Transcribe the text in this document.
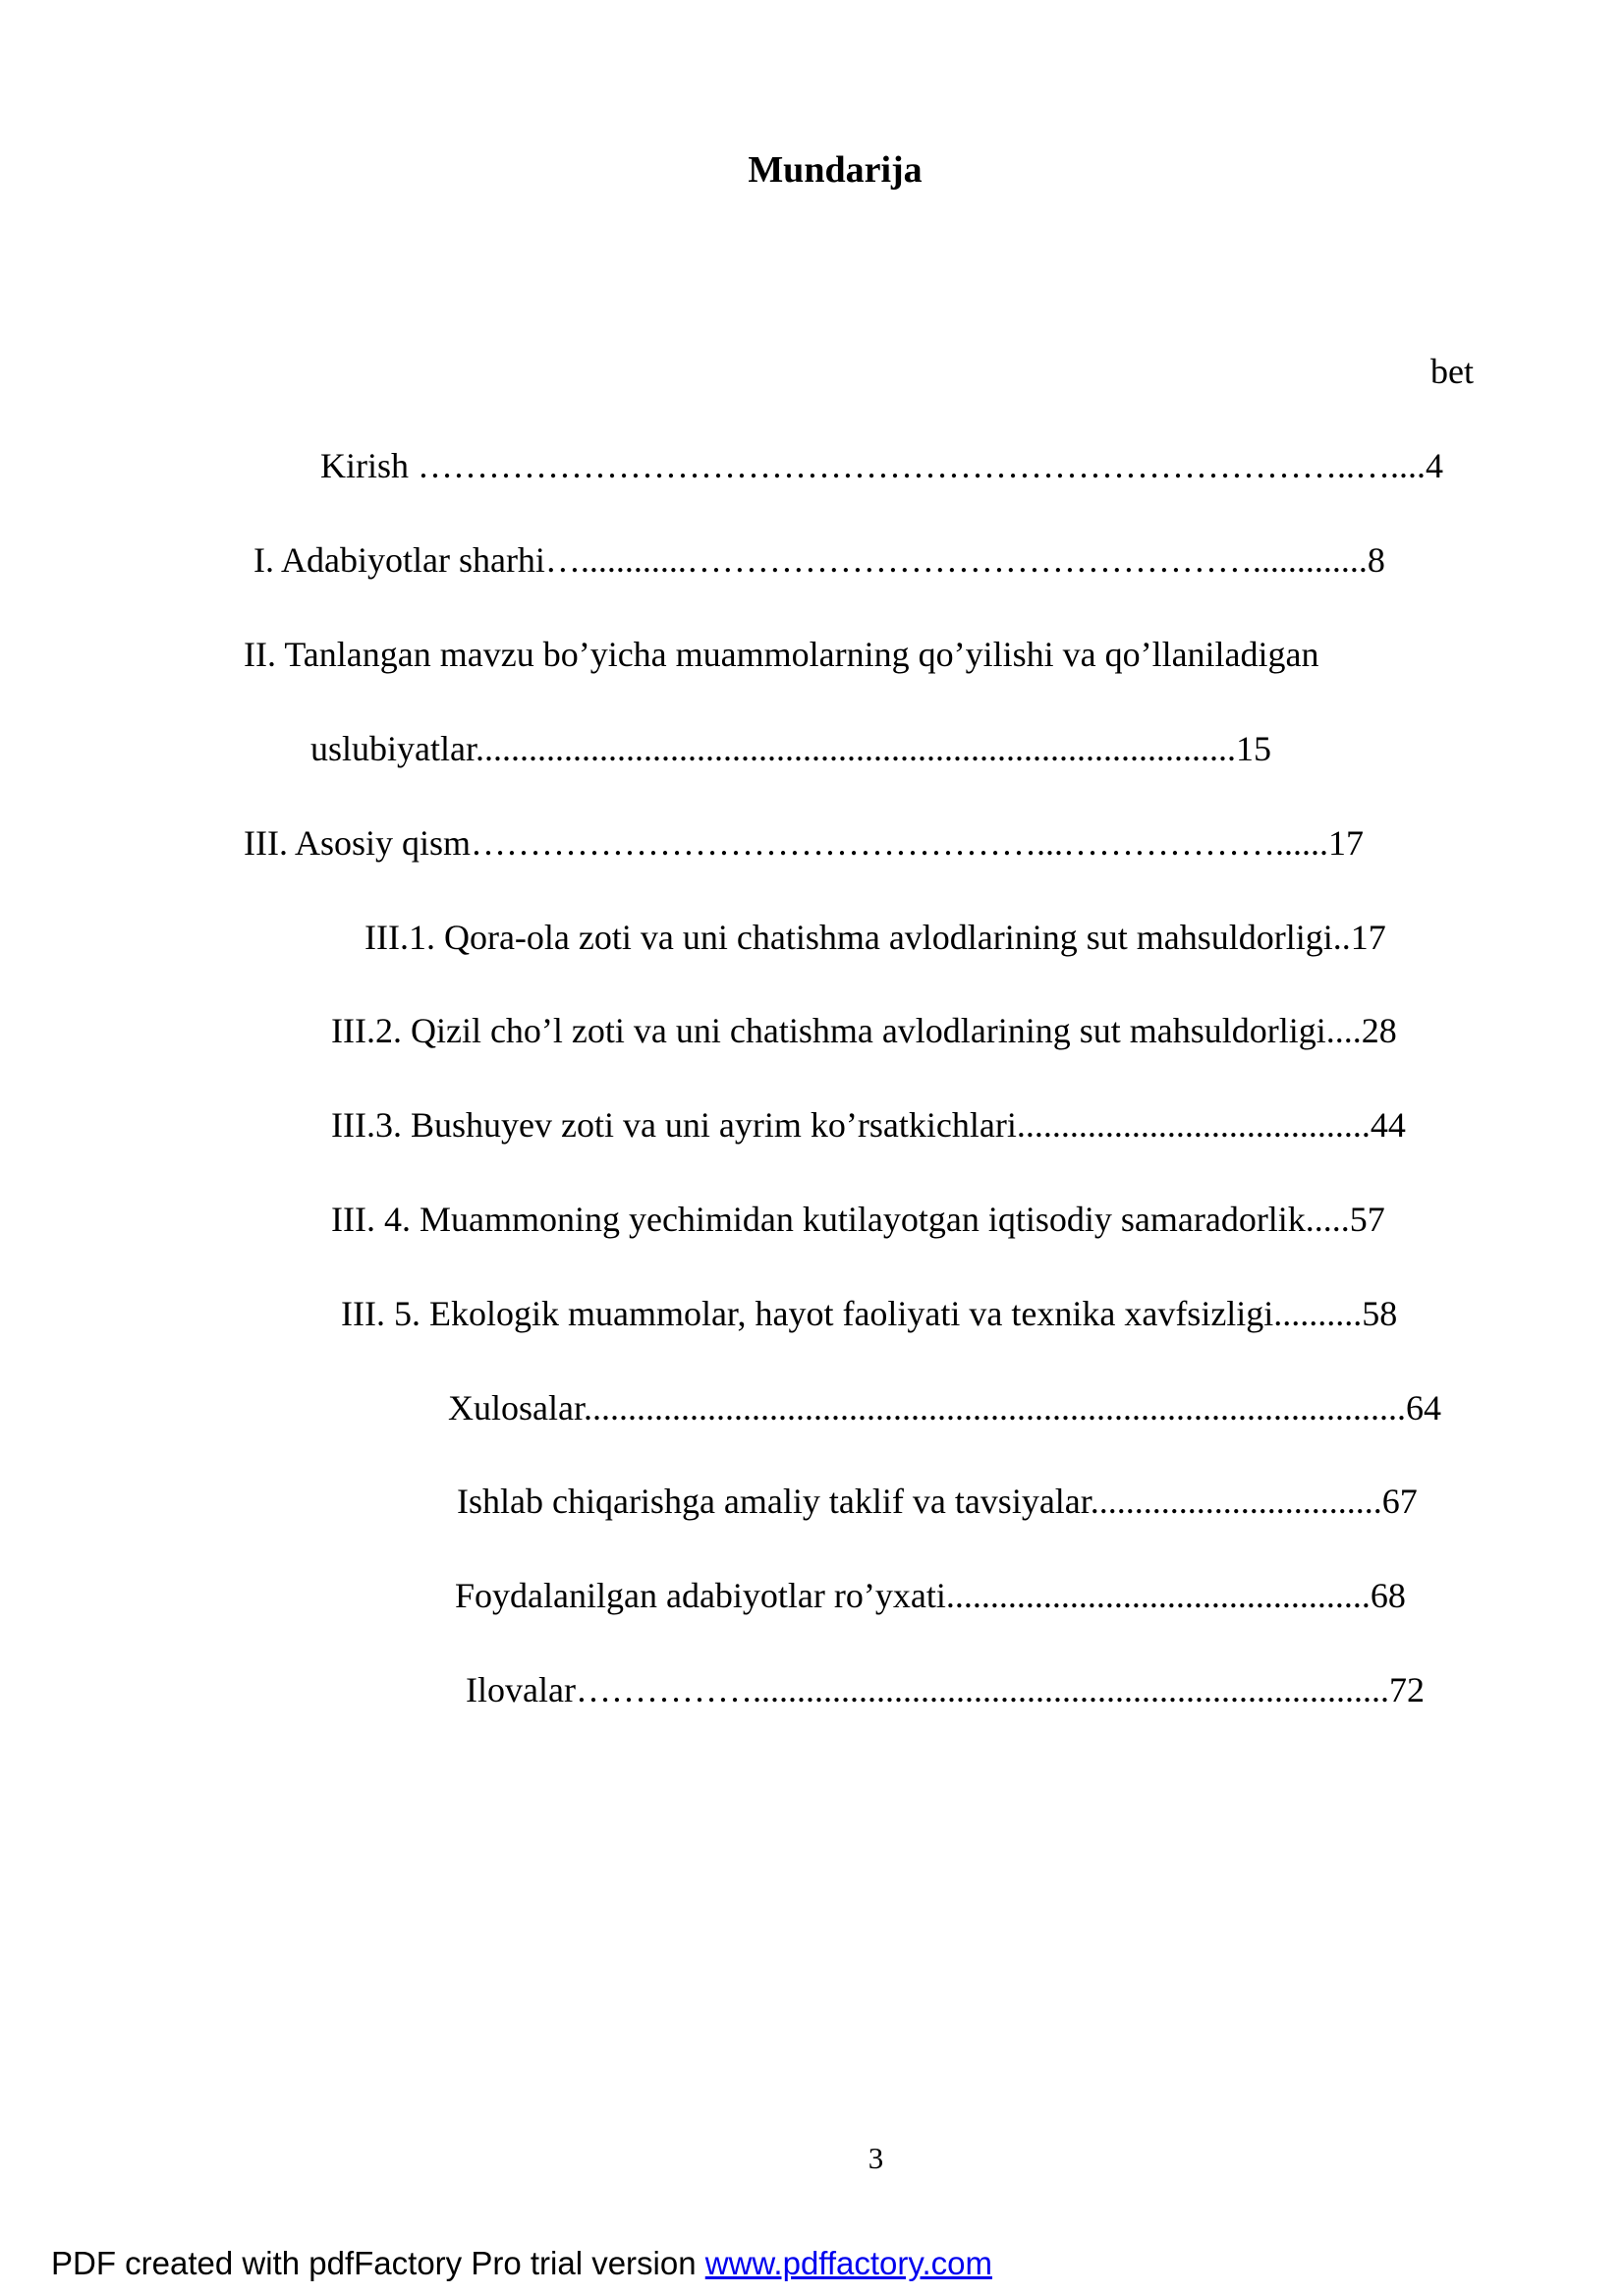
Mundarija
bet
Kirish ……………………………………………………………………..…....4
I. Adabiyotlar sharhi…............………………………………………….............8
II. Tanlangan mavzu bo’yicha muammolarning qo’yilishi va qo’llaniladigan
uslubiyatlar......................................................................................15
III. Asosiy qism…………………………………………...………………......17
III.1. Qora-ola zoti va uni chatishma avlodlarining sut mahsuldorligi..17
III.2. Qizil cho’l zoti va uni chatishma avlodlarining sut mahsuldorligi....28
III.3. Bushuyev zoti va uni ayrim ko’rsatkichlari........................................44
III. 4. Muammoning yechimidan kutilayotgan iqtisodiy samaradorlik.....57
III. 5. Ekologik muammolar, hayot faoliyati va texnika xavfsizligi..........58
Xulosalar.............................................................................................64
Ishlab chiqarishga amaliy taklif va tavsiyalar.................................67
Foydalanilgan adabiyotlar ro’yxati................................................68
Ilovalar……………........................................................................72
3
PDF created with pdfFactory Pro trial version www.pdffactory.com
